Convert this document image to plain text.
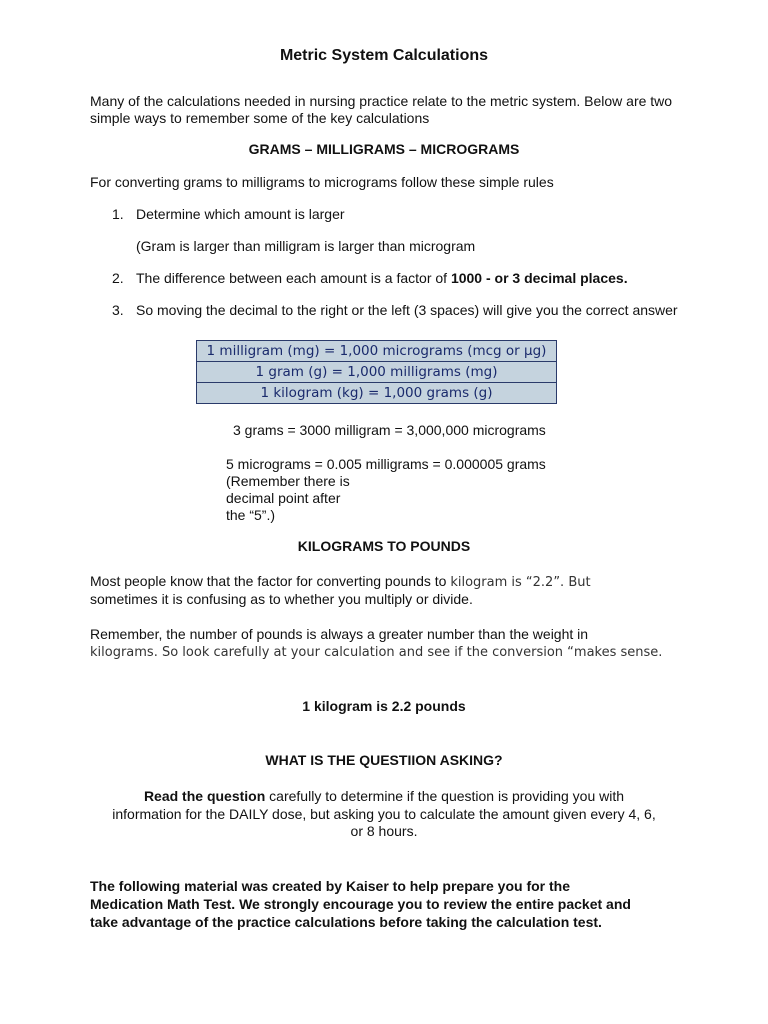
Metric System Calculations
Many of the calculations needed in nursing practice relate to the metric system. Below are two simple ways to remember some of the key calculations
GRAMS – MILLIGRAMS – MICROGRAMS
For converting grams to milligrams to micrograms follow these simple rules
1. Determine which amount is larger
(Gram is larger than milligram is larger than microgram
2. The difference between each amount is a factor of 1000 - or 3 decimal places.
3. So moving the decimal to the right or the left (3 spaces) will give you the correct answer
1 milligram (mg) = 1,000 micrograms (mcg or µg)
1 gram (g) = 1,000 milligrams (mg)
1 kilogram (kg) = 1,000 grams (g)
3 grams = 3000 milligram = 3,000,000 micrograms
5 micrograms = 0.005 milligrams = 0.000005 grams
(Remember there is
decimal point after
the “5”.)
KILOGRAMS TO POUNDS
Most people know that the factor for converting pounds to kilogram is “2.2”. But
sometimes it is confusing as to whether you multiply or divide.
Remember, the number of pounds is always a greater number than the weight in
kilograms. So look carefully at your calculation and see if the conversion “makes sense.
1 kilogram is 2.2 pounds
WHAT IS THE QUESTIION ASKING?
Read the question carefully to determine if the question is providing you with
information for the DAILY dose, but asking you to calculate the amount given every 4, 6,
or 8 hours.
The following material was created by Kaiser to help prepare you for the
Medication Math Test. We strongly encourage you to review the entire packet and
take advantage of the practice calculations before taking the calculation test.
